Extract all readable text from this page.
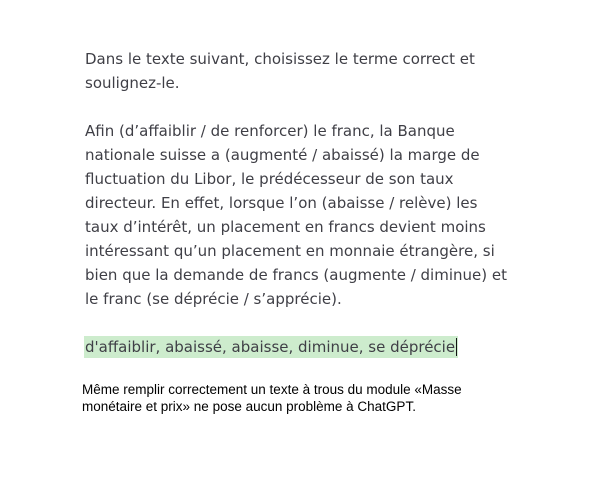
Dans le texte suivant, choisissez le terme correct et soulignez-le.

Afin (d’affaiblir / de renforcer) le franc, la Banque nationale suisse a (augmenté / abaissé) la marge de fluctuation du Libor, le prédécesseur de son taux directeur. En effet, lorsque l’on (abaisse / relève) les taux d’intérêt, un placement en francs devient moins intéressant qu’un placement en monnaie étrangère, si bien que la demande de francs (augmente / diminue) et le franc (se déprécie / s’apprécie).

d'affaiblir, abaissé, abaisse, diminue, se déprécie
Même remplir correctement un texte à trous du module «Masse monétaire et prix» ne pose aucun problème à ChatGPT.
